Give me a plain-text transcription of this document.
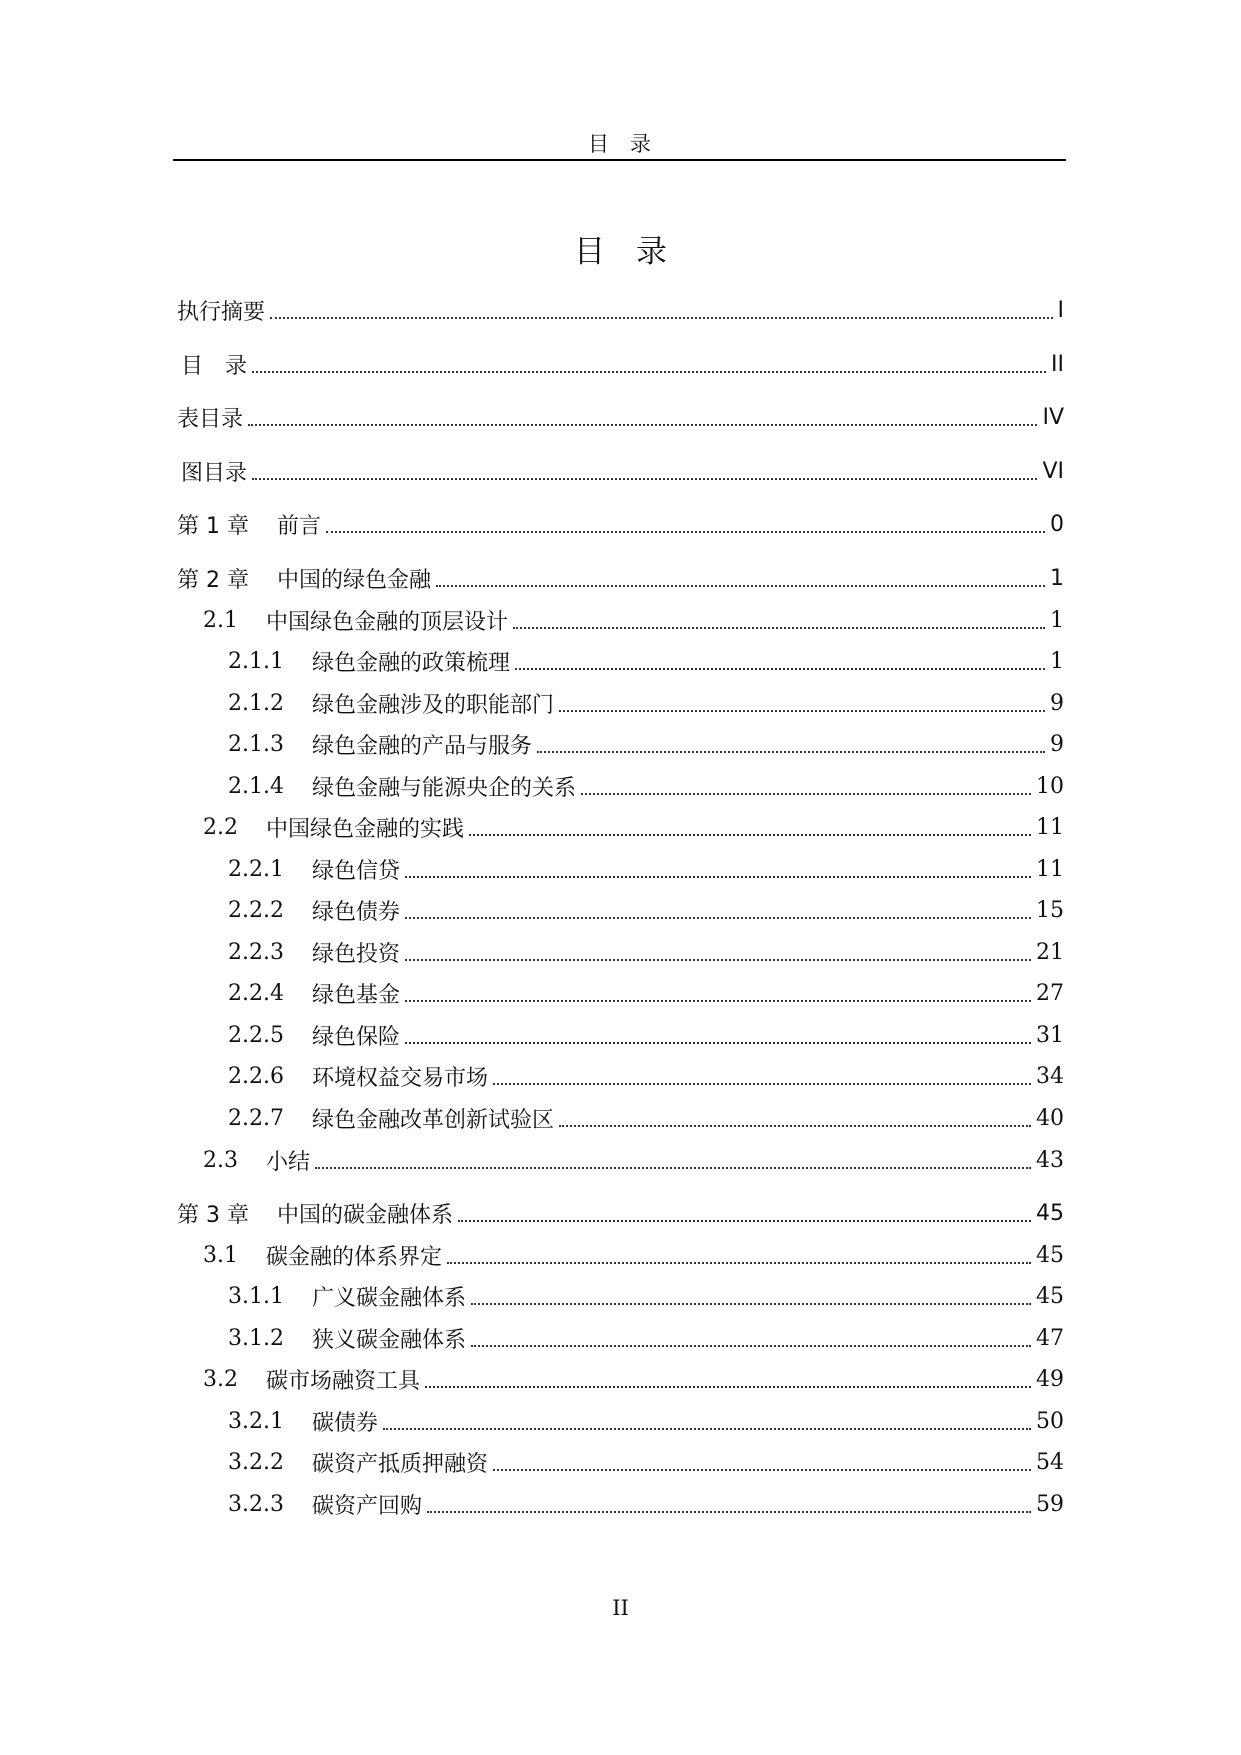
目　录
目　录
执行摘要	I
目　录	II
表目录	IV
图目录	VI
第 1 章 前言	0
第 2 章 中国的绿色金融	1
2.1 中国绿色金融的顶层设计	1
2.1.1 绿色金融的政策梳理	1
2.1.2 绿色金融涉及的职能部门	9
2.1.3 绿色金融的产品与服务	9
2.1.4 绿色金融与能源央企的关系	10
2.2 中国绿色金融的实践	11
2.2.1 绿色信贷	11
2.2.2 绿色债券	15
2.2.3 绿色投资	21
2.2.4 绿色基金	27
2.2.5 绿色保险	31
2.2.6 环境权益交易市场	34
2.2.7 绿色金融改革创新试验区	40
2.3 小结	43
第 3 章 中国的碳金融体系	45
3.1 碳金融的体系界定	45
3.1.1 广义碳金融体系	45
3.1.2 狭义碳金融体系	47
3.2 碳市场融资工具	49
3.2.1 碳债券	50
3.2.2 碳资产抵质押融资	54
3.2.3 碳资产回购	59
II
